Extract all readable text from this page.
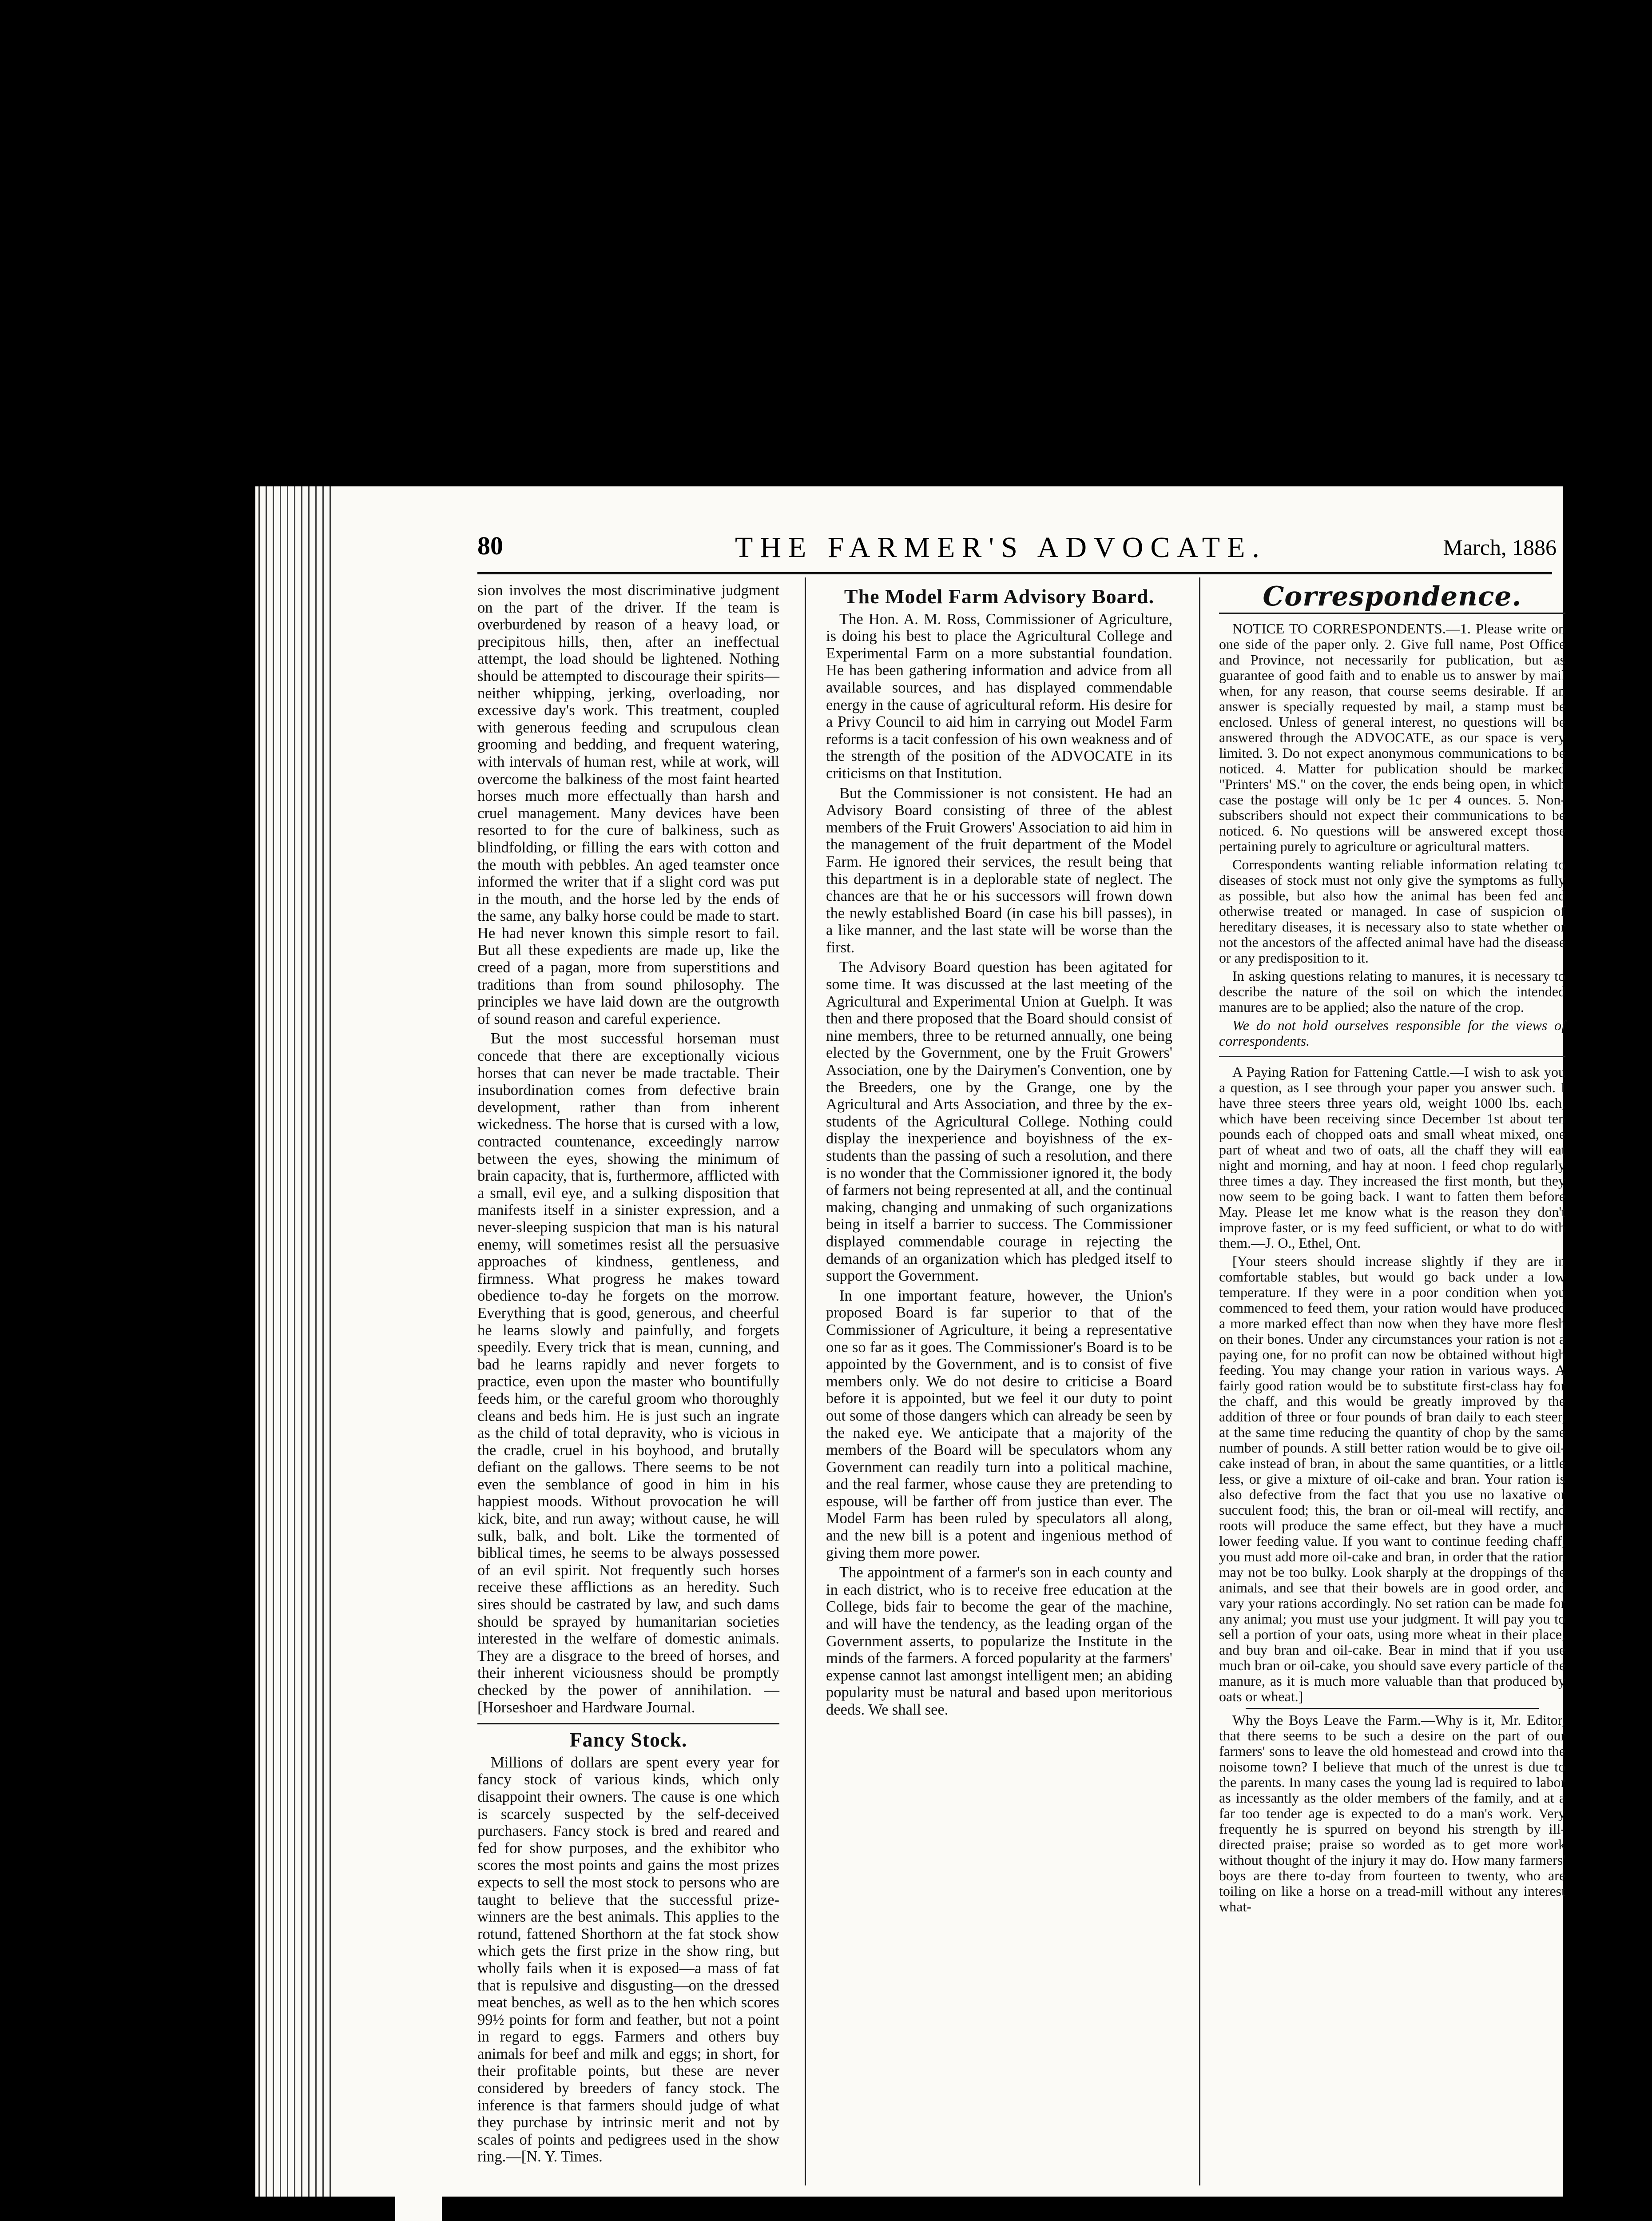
80	THE FARMER'S ADVOCATE.	March, 1886

sion involves the most discriminative judgment on the part of the driver. If the team is overburdened by reason of a heavy load, or precipitous hills, then, after an ineffectual attempt, the load should be lightened. Nothing should be attempted to discourage their spirits—neither whipping, jerking, overloading, nor excessive day's work. This treatment, coupled with generous feeding and scrupulous clean grooming and bedding, and frequent watering, with intervals of human rest, while at work, will overcome the balkiness of the most faint hearted horses much more effectually than harsh and cruel management. Many devices have been resorted to for the cure of balkiness, such as blindfolding, or filling the ears with cotton and the mouth with pebbles. An aged teamster once informed the writer that if a slight cord was put in the mouth, and the horse led by the ends of the same, any balky horse could be made to start. He had never known this simple resort to fail. But all these expedients are made up, like the creed of a pagan, more from superstitions and traditions than from sound philosophy. The principles we have laid down are the outgrowth of sound reason and careful experience.

But the most successful horseman must concede that there are exceptionally vicious horses that can never be made tractable. Their insubordination comes from defective brain development, rather than from inherent wickedness. The horse that is cursed with a low, contracted countenance, exceedingly narrow between the eyes, showing the minimum of brain capacity, that is, furthermore, afflicted with a small, evil eye, and a sulking disposition that manifests itself in a sinister expression, and a never-sleeping suspicion that man is his natural enemy, will sometimes resist all the persuasive approaches of kindness, gentleness, and firmness. What progress he makes toward obedience to-day he forgets on the morrow. Everything that is good, generous, and cheerful he learns slowly and painfully, and forgets speedily. Every trick that is mean, cunning, and bad he learns rapidly and never forgets to practice, even upon the master who bountifully feeds him, or the careful groom who thoroughly cleans and beds him. He is just such an ingrate as the child of total depravity, who is vicious in the cradle, cruel in his boyhood, and brutally defiant on the gallows. There seems to be not even the semblance of good in him in his happiest moods. Without provocation he will kick, bite, and run away; without cause, he will sulk, balk, and bolt. Like the tormented of biblical times, he seems to be always possessed of an evil spirit. Not frequently such horses receive these afflictions as an heredity. Such sires should be castrated by law, and such dams should be sprayed by humanitarian societies interested in the welfare of domestic animals. They are a disgrace to the breed of horses, and their inherent viciousness should be promptly checked by the power of annihilation. —[Horseshoer and Hardware Journal.

Fancy Stock.

Millions of dollars are spent every year for fancy stock of various kinds, which only disappoint their owners. The cause is one which is scarcely suspected by the self-deceived purchasers. Fancy stock is bred and reared and fed for show purposes, and the exhibitor who scores the most points and gains the most prizes expects to sell the most stock to persons who are taught to believe that the successful prize-winners are the best animals. This applies to the rotund, fattened Shorthorn at the fat stock show which gets the first prize in the show ring, but wholly fails when it is exposed—a mass of fat that is repulsive and disgusting—on the dressed meat benches, as well as to the hen which scores 99½ points for form and feather, but not a point in regard to eggs. Farmers and others buy animals for beef and milk and eggs; in short, for their profitable points, but these are never considered by breeders of fancy stock. The inference is that farmers should judge of what they purchase by intrinsic merit and not by scales of points and pedigrees used in the show ring.—[N. Y. Times.

The Model Farm Advisory Board.

The Hon. A. M. Ross, Commissioner of Agriculture, is doing his best to place the Agricultural College and Experimental Farm on a more substantial foundation. He has been gathering information and advice from all available sources, and has displayed commendable energy in the cause of agricultural reform. His desire for a Privy Council to aid him in carrying out Model Farm reforms is a tacit confession of his own weakness and of the strength of the position of the ADVOCATE in its criticisms on that Institution.

But the Commissioner is not consistent. He had an Advisory Board consisting of three of the ablest members of the Fruit Growers' Association to aid him in the management of the fruit department of the Model Farm. He ignored their services, the result being that this department is in a deplorable state of neglect. The chances are that he or his successors will frown down the newly established Board (in case his bill passes), in a like manner, and the last state will be worse than the first.

The Advisory Board question has been agitated for some time. It was discussed at the last meeting of the Agricultural and Experimental Union at Guelph. It was then and there proposed that the Board should consist of nine members, three to be returned annually, one being elected by the Government, one by the Fruit Growers' Association, one by the Dairymen's Convention, one by the Breeders, one by the Grange, one by the Agricultural and Arts Association, and three by the ex-students of the Agricultural College. Nothing could display the inexperience and boyishness of the ex-students than the passing of such a resolution, and there is no wonder that the Commissioner ignored it, the body of farmers not being represented at all, and the continual making, changing and unmaking of such organizations being in itself a barrier to success. The Commissioner displayed commendable courage in rejecting the demands of an organization which has pledged itself to support the Government.

In one important feature, however, the Union's proposed Board is far superior to that of the Commissioner of Agriculture, it being a representative one so far as it goes. The Commissioner's Board is to be appointed by the Government, and is to consist of five members only. We do not desire to criticise a Board before it is appointed, but we feel it our duty to point out some of those dangers which can already be seen by the naked eye. We anticipate that a majority of the members of the Board will be speculators whom any Government can readily turn into a political machine, and the real farmer, whose cause they are pretending to espouse, will be farther off from justice than ever. The Model Farm has been ruled by speculators all along, and the new bill is a potent and ingenious method of giving them more power.

The appointment of a farmer's son in each county and in each district, who is to receive free education at the College, bids fair to become the gear of the machine, and will have the tendency, as the leading organ of the Government asserts, to popularize the Institute in the minds of the farmers. A forced popularity at the farmers' expense cannot last amongst intelligent men; an abiding popularity must be natural and based upon meritorious deeds. We shall see.

Correspondence.

NOTICE TO CORRESPONDENTS.—1. Please write on one side of the paper only. 2. Give full name, Post Office and Province, not necessarily for publication, but as guarantee of good faith and to enable us to answer by mail when, for any reason, that course seems desirable. If an answer is specially requested by mail, a stamp must be enclosed. Unless of general interest, no questions will be answered through the ADVOCATE, as our space is very limited. 3. Do not expect anonymous communications to be noticed. 4. Matter for publication should be marked "Printers' MS." on the cover, the ends being open, in which case the postage will only be 1c per 4 ounces. 5. Non-subscribers should not expect their communications to be noticed. 6. No questions will be answered except those pertaining purely to agriculture or agricultural matters.

Correspondents wanting reliable information relating to diseases of stock must not only give the symptoms as fully as possible, but also how the animal has been fed and otherwise treated or managed. In case of suspicion of hereditary diseases, it is necessary also to state whether or not the ancestors of the affected animal have had the disease or any predisposition to it.

In asking questions relating to manures, it is necessary to describe the nature of the soil on which the intended manures are to be applied; also the nature of the crop.

We do not hold ourselves responsible for the views of correspondents.

A Paying Ration for Fattening Cattle.—I wish to ask you a question, as I see through your paper you answer such. I have three steers three years old, weight 1000 lbs. each, which have been receiving since December 1st about ten pounds each of chopped oats and small wheat mixed, one part of wheat and two of oats, all the chaff they will eat night and morning, and hay at noon. I feed chop regularly three times a day. They increased the first month, but they now seem to be going back. I want to fatten them before May. Please let me know what is the reason they don't improve faster, or is my feed sufficient, or what to do with them.—J. O., Ethel, Ont.

[Your steers should increase slightly if they are in comfortable stables, but would go back under a low temperature. If they were in a poor condition when you commenced to feed them, your ration would have produced a more marked effect than now when they have more flesh on their bones. Under any circumstances your ration is not a paying one, for no profit can now be obtained without high feeding. You may change your ration in various ways. A fairly good ration would be to substitute first-class hay for the chaff, and this would be greatly improved by the addition of three or four pounds of bran daily to each steer, at the same time reducing the quantity of chop by the same number of pounds. A still better ration would be to give oil-cake instead of bran, in about the same quantities, or a little less, or give a mixture of oil-cake and bran. Your ration is also defective from the fact that you use no laxative or succulent food; this, the bran or oil-meal will rectify, and roots will produce the same effect, but they have a much lower feeding value. If you want to continue feeding chaff, you must add more oil-cake and bran, in order that the ration may not be too bulky. Look sharply at the droppings of the animals, and see that their bowels are in good order, and vary your rations accordingly. No set ration can be made for any animal; you must use your judgment. It will pay you to sell a portion of your oats, using more wheat in their place, and buy bran and oil-cake. Bear in mind that if you use much bran or oil-cake, you should save every particle of the manure, as it is much more valuable than that produced by oats or wheat.]

Why the Boys Leave the Farm.—Why is it, Mr. Editor, that there seems to be such a desire on the part of our farmers' sons to leave the old homestead and crowd into the noisome town? I believe that much of the unrest is due to the parents. In many cases the young lad is required to labor as incessantly as the older members of the family, and at a far too tender age is expected to do a man's work. Very frequently he is spurred on beyond his strength by ill-directed praise; praise so worded as to get more work without thought of the injury it may do. How many farmers' boys are there to-day from fourteen to twenty, who are toiling on like a horse on a tread-mill without any interest what-
